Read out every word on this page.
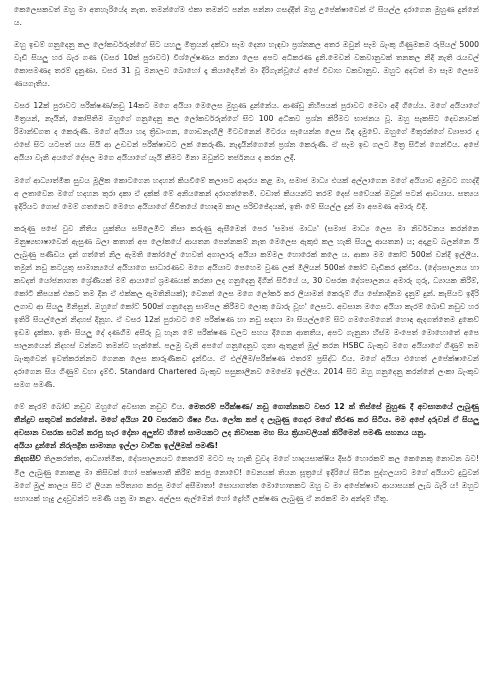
කෙලෙසකවත් ඔහු මා අතහැරියේද නැත. තමන්ගේම එකා තමන්ට පන්න පන්නා ගසද්දීත් ඔහු උපේක්ෂාවෙන් ඒ සියල්ල දරාගෙන මුහුණ දුන්නේ ය.

ඔහු ඉඩම් ගනුදෙනු කල ලෝකර්වරුන්ගේ සිට යහලු මිත්‍රයන් දක්වා සෑම දෙනා හැඳවා ප්‍රශ්නකල අතර ඔවුන් සෑම බැංකු ගිණුමකම රුපියල් 5000 වැඩි සියලු හර බැර ගණ (වසර 10ක් පුරාවට) විශ්ලේෂණය කරනා ලෙස අපට අධිකරණ දුනි.මෙවන් වකවානුවක් තනකල නිදි නැති රැයවල් කොපමණද තරම් දැනුණා. වසර 31 වූ මනාලව බොහෝ දෑ කියාදෙමින් මා දිරිගැන්වූයේ අපේ විවාහ වකවානුව. ඔහුට අදටත් මා සෑම ලෙසම ණයගැතිය.

වසර 12ක් පුරාවට පරීක්ෂණ/නඩු 14කට මගෙ අයියා මෙලෙස මුහුණ දුන්නේය. ආණ්ඩු නිහිපයක් පුරාවට මෙවා අදී ගියේය. මගේ අයියාගේ මිත්‍රයන්, නෑයින්, කෝපිතිම ඔහුගේ ගනුදෙනු කල ලෝකර්වරුන්ගේ සිට 100 අධිකව ප්‍රශ්න කිරීමට භාජනය වූ. ඔහු සැකසිට දෙවනාවක් රිමාන්ඩ්ගත ද කෙරුණි. මගේ අයියා හදා ත්‍රිඩාංගන, ගොඩනැඟිලි මිටවනෙන් මිටරය සෑයෙන්න ලෙස බිඳ දැමුවේ. ඔහුගේ මිතුරන්ගේ ව්‍යාපාර ද එසේ සිට යටපත් යය සියි ආ උඩවන් පරීක්ෂාවට ලක් කෙරුණි. නැදෑයින්ගෙනේ ප්‍රශ්න කෙරුණි. ඒ සෑම ඉඩ ගලට මිත්‍ර සිටින් ගෙන්විය. අපේ අයියා වැනි අයගේ දේපල මගෙ අයියාගේ යැයි කීමට මිනා ඔවුන්ට තර්ජනය ද කරන ලදී.

මගේ ආධ්‍යාත්මික සුවය මූලික කොටගෙන හදහන් කියවීමේ කලාපට ආදරය කළ මා, සමාජ මාධ්‍ය එයක් අල්ලාගෙන මගේ අයියාව අමුවට ගහද්දී අ ලතාවෙන මගේ හදහන තුරා දකා ඒ දක්ක් මේ අනියකෙන් දරාගත්තෙමි. වඩාත් කියයන්ට තරම් දෙස් පවේයක් ඔවුන් පටන් ආවයාය. සත්‍යය ඉදිරියට ගොස් මෙම් ගතනෙට මෙහෙ අයියාගේ ජීවිතයේ හොඳම කාල පරිච්ඡේදයක්, ඉතිං මේ සියල්ල දුන් මා අපමණ අමාරු විදි.

කරුණු පසේ වුව නීතිය යුක්තිය සපිලෙමිට නිසා කරුණු ඇසීමෙන් පෙර 'සමාජ මාධ්‍ය' (සමාජ මාධ්‍ය ලෙස මා නිර්වචනය කරන්නෙ මනුෂ්‍යභාෂාවෙන් ඇසුණ බලා කතාන් අප ලෝකයේ ආයතන පෙන්නකම් නැත මෙලෙස ඇකුළු කල හැකි සියලු ආයතන) ය; අදාළව බලන්නෙ යි ලැබුණු පණිඩය දැන් ගත්තේ නිල ඇමති කෝරලේ හෙවත් අගාලාරු අයියා කම්මල හොරෙක් කලෙ ය. ආකා මම කෝට් 500ක් වන්දි ඉල්ලීය. තමුන් නඩු කටයුතු සාමාන්‍යයේ අයියාගෙ සාධාරණව මගෙ අයියාට පෙහෙම වුණ ලක් මිලියන් 500ක් කෝට් වැඩිකර දැක්වීය. (දේශපාලනය හා කවදත් යෝජනාගත ශ්‍රේණියක් මම් ආයාගේ ශ්‍රමණයක් කරනා ලද ගනුදෙනු දිගින් සිටියේ ය, 30 වසරක දේශපාලනය අමාරු ගුරු, ධ්‍යායක කිරීම්, කෝටි කීපයක් එකට තම දීන ඒ එක්කල ඇමතිනියක්); වෙනත් ලෙස මගෙ ලෝකර් කර ලියාමන් කෙරුම් ගිය සේනාදිනම දැනුම් දුන්. කැපියට ඉදිරි ලගාව ආ සියලු මිනිසුන්. ඔහුගේ කෝට් 500ක් ගනුදෙනු සාම්පල කිරීමට ලොකු බොරු වූහ' ලෙසට. අවසාන මගෙ අයියා කැරම් බොඩ් නඩුව හර ඉතිරි සියල්ලෙන් නිදහස් දිනූහ. ඒ වසර 12ක් පුරාවට මේ පරීක්ෂණ හා නඩු සඳහා මා සියල්ලමේ සිට ගමගෙම්ගෙන් හොඳ ඇදගත්තෙම දුකෙව් ඉඩම දැක්කා. ඉතිං සියලු දේ දණගීම අසීරු වූ හැන මේ පරීක්ෂණ වලට සහය දීගෙන ආතතිය, අපට ගැනුනා හිස්ම මංපෙත් මොහොතේ අපෙ පාලනයෙන් නිදහස් වන්නට තමන්ට හැක්කේ. පලමු වැනි අපගේ ගනුදෙනුව ගුනා ඇතුළත් මූල් කරන HSBC බැංකුව මගෙ අයියාගේ ගිණුම් තම බැංකුවෙන් ඉවත්කරන්නට ගෙනක ලෙස කාරුණිකව දැන්වීය. ඒ එල්ලීම/පරීක්ෂණ එතරම් ප්‍රසිද්ධ විය. මගේ අයියා එහෙත් උපේක්ෂාවෙන් දරාගෙන සිය ගිණුම් වහා දැම්වී. Standard Chartered බැංකුව පසුකාලීනව මෙසේම ඉල්ලීය. 2014 සිට ඔහු ගනුදෙනු කරන්නේ ලංකා බැංකුව සමග පමණි.

මේ කැරම් බෝඩ් නඩුව ඔහුගේ අවසාන නඩුව විය. මෙතරම් පරීක්ෂණ/ නඩු ගොන්නකට වසර 12 ක් තිස්සේ මුහුණ දී අවසානයේ ලැබුණු තීන්දුව සතුටක් කරන්නේ. මගේ අයියා 20 වසරකට ශිෂ්‍ය විය. ලෝක කප් ද ලැබුණු ගෙදර මගේ තීරණ කර සිටීය. මම අපේ දරුවන් ඒ සියලු අවසාන වසරක සටන් කරපු හැර දෝනා අලුත්ව හිතේ සාමයකට ලද නිවාසක මහ සිය ක්‍රියාවලියක් කිරීමෙන් පමණි සහනය යනු.
අයියා දුන්නේ නිරුපද්‍රිත සාමාන්‍ය ඉල්ලා වාචික ඉල්ලීමක් පමණි!
නිදහසීව් තිලකරත්ත, ආධ්‍යාත්මික, දේශපාලනයට කෙතරම් මටට පෑ හැකි වුවද මගේ හෘදයසාක්ෂිය දීර්ඝ හොරකම් කල කෙනෙකු නොවන බව! මිල ලැබුණු නොකළ මා කිසිවක් හෝ පක්ෂපාතී කිරීම් කරපු නොවේ! වෙනයක් තියන සූත්‍රයේ ඉදිරියේ සිටින පුද්ගලයාට මගේ අයියාට දුටුවන් මගේ මුල් කාලය සිට ඒ ලියන පරිත්‍යාග කරපු මගේ අසීමාතා! සොයාගත්ත මොහොතකට ඔහු ව මා අපේක්ෂාව ආයාසයක් ලැබ බැරි ය! ඔහුට සහායක් හැදු උදවුවන්ට පමණි යනු මා කළා. අල්ලස ඇල්මෙන් හෝ ද්‍රෝහී ලක්ෂණ ලැබුණු ඒ නරකම් මා අන්දම් හිතූ.
